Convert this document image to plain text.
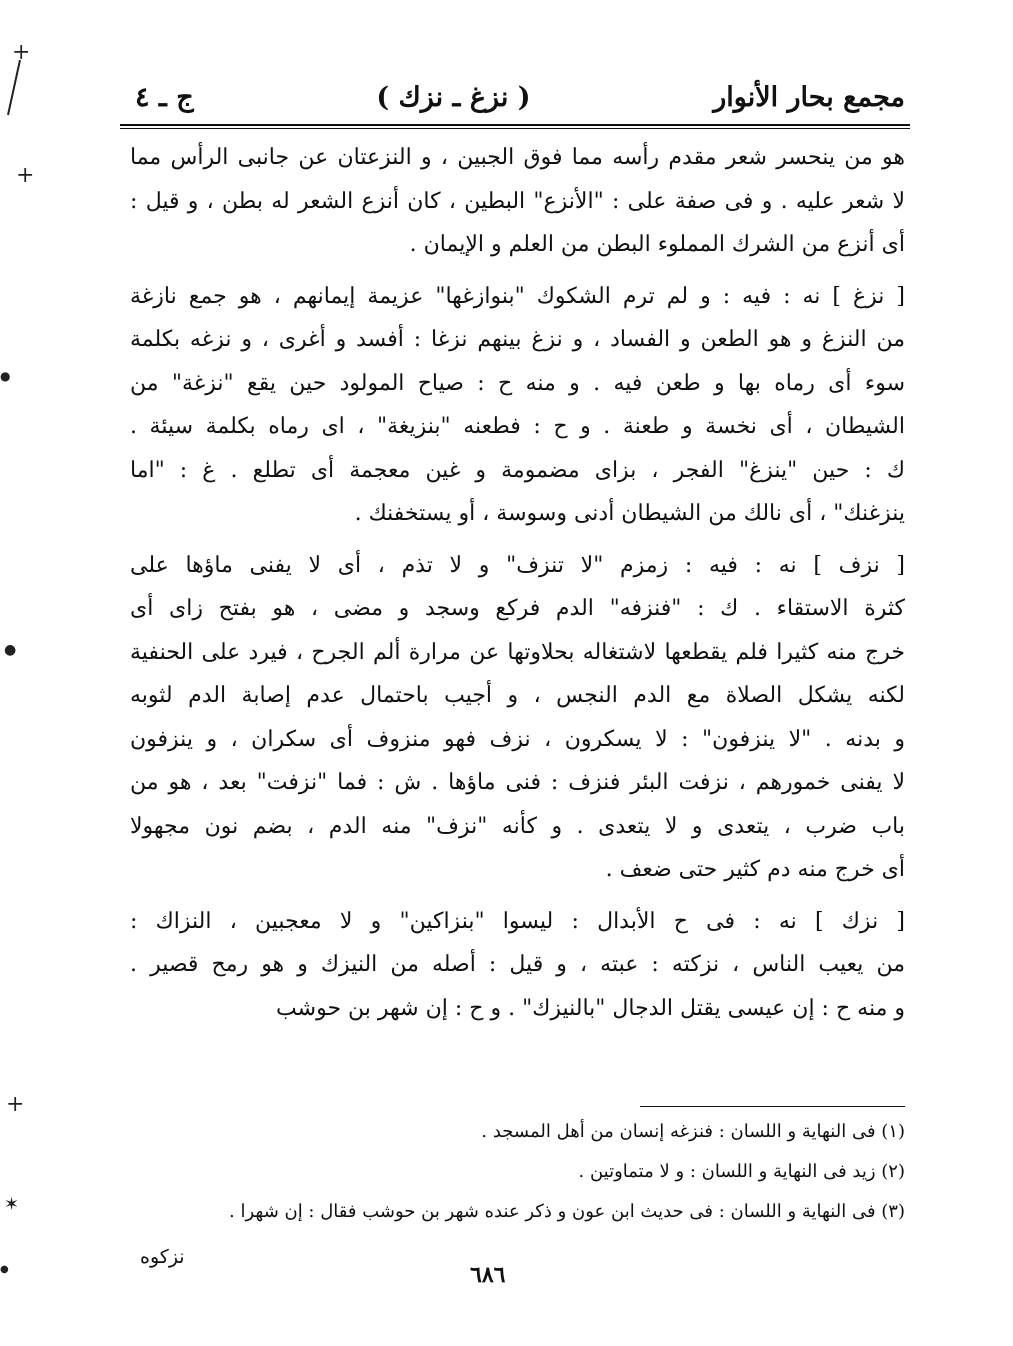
مجمع بحار الأنوار
( نزغ ـ نزك )
ج ـ ٤
هو من ينحسر شعر مقدم رأسه مما فوق الجبين ، و النزعتان عن جانبى الرأس مما
لا شعر عليه . و فى صفة على : "الأنزع" البطين ، كان أنزع الشعر له بطن ، و قيل :
أى أنزع من الشرك المملوء البطن من العلم و الإيمان .
[ نزغ ] نه : فيه : و لم ترم الشكوك "بنوازغها" عزيمة إيمانهم ، هو جمع نازغة
من النزغ و هو الطعن و الفساد ، و نزغ بينهم نزغا : أفسد و أغرى ، و نزغه بكلمة
سوء أى رماه بها و طعن فيه . و منه ح : صياح المولود حين يقع "نزغة" من
الشيطان ، أى نخسة و طعنة . و ح : فطعنه "بنزيغة" ، اى رماه بكلمة سيئة .
ك : حين "ينزغ" الفجر ، بزاى مضمومة و غين معجمة أى تطلع . غ : "اما
ينزغنك" ، أى نالك من الشيطان أدنى وسوسة ، أو يستخفنك .
[ نزف ] نه : فيه : زمزم "لا تنزف" و لا تذم ، أى لا يفنى ماؤها على
كثرة الاستقاء . ك : "فنزفه" الدم فركع وسجد و مضى ، هو بفتح زاى أى
خرج منه كثيرا فلم يقطعها لاشتغاله بحلاوتها عن مرارة ألم الجرح ، فيرد على الحنفية
لكنه يشكل الصلاة مع الدم النجس ، و أجيب باحتمال عدم إصابة الدم لثوبه
و بدنه . "لا ينزفون" : لا يسكرون ، نزف فهو منزوف أى سكران ، و ينزفون
لا يفنى خمورهم ، نزفت البئر فنزف : فنى ماؤها . ش : فما "نزفت" بعد ، هو من
باب ضرب ، يتعدى و لا يتعدى . و كأنه "نزف" منه الدم ، بضم نون مجهولا
أى خرج منه دم كثير حتى ضعف .
[ نزك ] نه : فى ح الأبدال : ليسوا "بنزاكين" و لا معجبين ، النزاك :
من يعيب الناس ، نزكته : عبته ، و قيل : أصله من النيزك و هو رمح قصير .
و منه ح : إن عيسى يقتل الدجال "بالنيزك" . و ح : إن شهر بن حوشب
(١) فى النهاية و اللسان : فنزغه إنسان من أهل المسجد .
(٢) زيد فى النهاية و اللسان : و لا متماوتين .
(٣) فى النهاية و اللسان : فى حديث ابن عون و ذكر عنده شهر بن حوشب فقال : إن شهرا .
نزكوه
٦٨٦
+
+
+
✶
●
●
●
